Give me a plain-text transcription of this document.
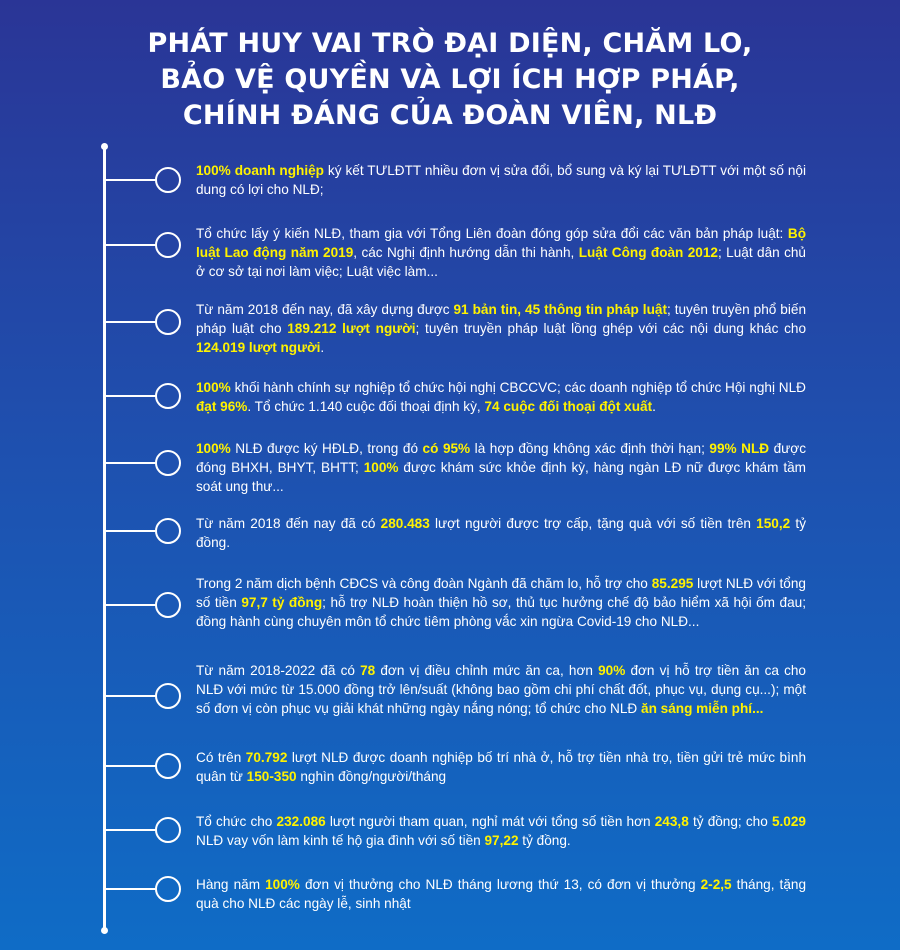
PHÁT HUY VAI TRÒ ĐẠI DIỆN, CHĂM LO,
BẢO VỆ QUYỀN VÀ LỢI ÍCH HỢP PHÁP,
CHÍNH ĐÁNG CỦA ĐOÀN VIÊN, NLĐ
100% doanh nghiệp ký kết TƯLĐTT nhiều đơn vị sửa đổi, bổ sung và ký lại TƯLĐTT với một số nội dung có lợi cho NLĐ;
Tổ chức lấy ý kiến NLĐ, tham gia với Tổng Liên đoàn đóng góp sửa đổi các văn bản pháp luật: Bộ luật Lao động năm 2019, các Nghị định hướng dẫn thi hành, Luật Công đoàn 2012; Luật dân chủ ở cơ sở tại nơi làm việc; Luật việc làm...
Từ năm 2018 đến nay, đã xây dựng được 91 bản tin, 45 thông tin pháp luật; tuyên truyền phổ biến pháp luật cho 189.212 lượt người; tuyên truyền pháp luật lồng ghép với các nội dung khác cho 124.019 lượt người.
100% khối hành chính sự nghiệp tổ chức hội nghị CBCCVC; các doanh nghiệp tổ chức Hội nghị NLĐ đạt 96%. Tổ chức 1.140 cuộc đối thoại định kỳ, 74 cuộc đối thoại đột xuất.
100% NLĐ được ký HĐLĐ, trong đó có 95% là hợp đồng không xác định thời hạn; 99% NLĐ được đóng BHXH, BHYT, BHTT; 100% được khám sức khỏe định kỳ, hàng ngàn LĐ nữ được khám tầm soát ung thư...
Từ năm 2018 đến nay đã có 280.483 lượt người được trợ cấp, tặng quà với số tiền trên 150,2 tỷ đồng.
Trong 2 năm dịch bệnh CĐCS và công đoàn Ngành đã chăm lo, hỗ trợ cho 85.295 lượt NLĐ với tổng số tiền 97,7 tỷ đồng; hỗ trợ NLĐ hoàn thiện hồ sơ, thủ tục hưởng chế độ bảo hiểm xã hội ốm đau; đồng hành cùng chuyên môn tổ chức tiêm phòng vắc xin ngừa Covid-19 cho NLĐ...
Từ năm 2018-2022 đã có 78 đơn vị điều chỉnh mức ăn ca, hơn 90% đơn vị hỗ trợ tiền ăn ca cho NLĐ với mức từ 15.000 đồng trở lên/suất (không bao gồm chi phí chất đốt, phục vụ, dụng cụ...); một số đơn vị còn phục vụ giải khát những ngày nắng nóng; tổ chức cho NLĐ ăn sáng miễn phí...
Có trên 70.792 lượt NLĐ được doanh nghiệp bố trí nhà ở, hỗ trợ tiền nhà trọ, tiền gửi trẻ mức bình quân từ 150-350 nghìn đồng/người/tháng
Tổ chức cho 232.086 lượt người tham quan, nghỉ mát với tổng số tiền hơn 243,8 tỷ đồng; cho 5.029 NLĐ vay vốn làm kinh tế hộ gia đình với số tiền 97,22 tỷ đồng.
Hàng năm 100% đơn vị thưởng cho NLĐ tháng lương thứ 13, có đơn vị thưởng 2-2,5 tháng, tặng quà cho NLĐ các ngày lễ, sinh nhật
